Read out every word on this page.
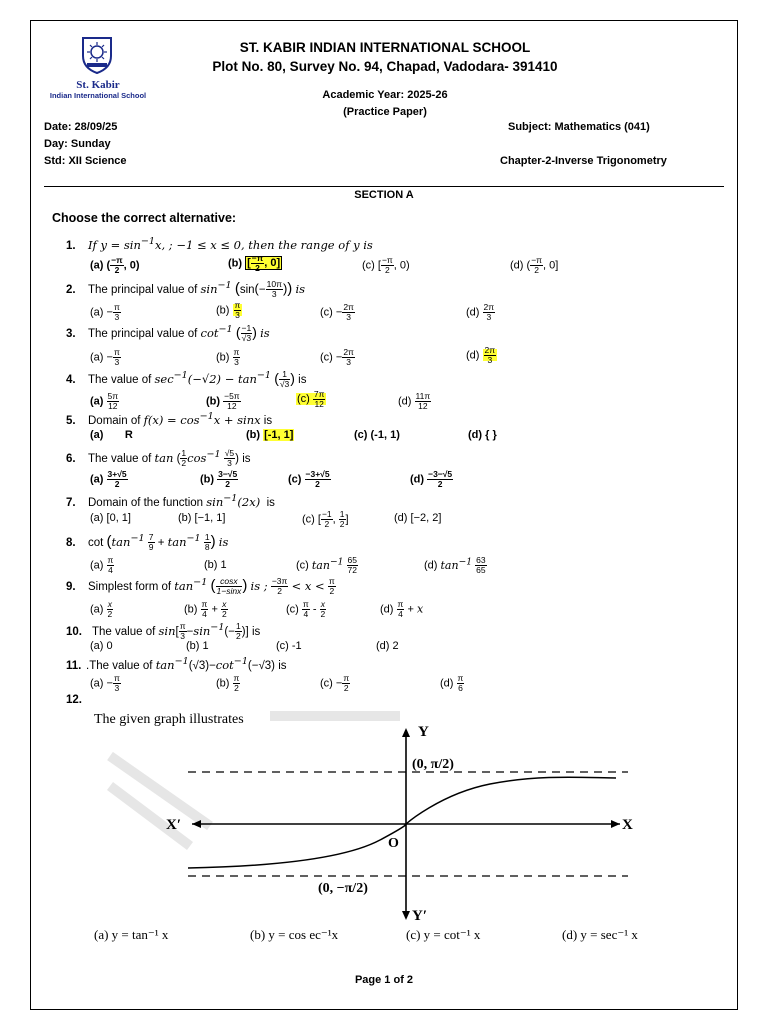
St. Kabir
Indian International School
ST. KABIR INDIAN INTERNATIONAL SCHOOL
Plot No. 80, Survey No. 94, Chapad, Vadodara- 391410
Academic Year: 2025-26
(Practice Paper)
Date: 28/09/25
Day: Sunday
Std: XII Science
Subject: Mathematics (041)
Chapter-2-Inverse Trigonometry
SECTION A
Choose the correct alternative:
1. If $y = \sin^{-1}x$, ; −1 ≤ x ≤ 0, then the range of y is
(a) ( $\frac{-\pi}{2}$ , 0)	(b) [ $\frac{-\pi}{2}$ , 0]	(c) [ $\frac{-\pi}{2}$ , 0)	(d) ( $\frac{-\pi}{2}$ , 0]
2. The principal value of $\sin^{-1} (\sin(- \frac{10\pi}{3}$ )) is
$(a) - \frac{\pi}{3}$	$(b) \frac{\pi}{3}$	$(c) - \frac{2\pi}{3}$	$(d) \frac{2\pi}{3}$
3. The principal value of $\cot^{-1}$ ( $\frac{-1}{√3}$ ) is
$(a) - \frac{\pi}{3}$	$(b) \frac{\pi}{3}$	$(c) - \frac{2\pi}{3}$	$(d) \frac{2\pi}{3}$
4. The value of $\sec^{-1}(-√2) - \tan^{-1}$ ( $\frac{1}{√3}$ ) is
$(a) \frac{5\pi}{12}$	$(b) \frac{-5\pi}{12}$	$(c) \frac{7\pi}{12}$	$(d) \frac{11\pi}{12}$
5. Domain of $f(x) = \cos^{-1}x + \sin x$ is
(a) R	(b) [-1, 1]	(c) (-1, 1)	(d) { }
6. The value of tan ( $\frac{1}{2} \cos^{-1} \frac{√5}{3}$ ) is
$(a) \frac{3+√5}{2}$	$(b) \frac{3-√5}{2}$	$(c) \frac{-3+√5}{2}$	$(d) \frac{-3-√5}{2}$
7. Domain of the function $\sin^{-1}(2x)$ is
(a) [0, 1]	(b) [−1, 1]	(c) [ $\frac{-1}{2}$ , $\frac{1}{2}$ ]	(d) [−2, 2]
8. $\cot (\tan^{-1} \frac{7}{9} + \tan^{-1} \frac{1}{8}$ ) is
$(a) \frac{\pi}{4}$	(b) 1	(c) $\tan^{-1} \frac{65}{72}$	(d) $\tan^{-1} \frac{63}{65}$
9. Simplest form of $\tan^{-1}$ ( $\frac{\cos x}{1-\sin x}$ ) is ; $\frac{-3\pi}{2} < x < \frac{\pi}{2}$
$(a) \frac{x}{2}$	$(b) \frac{\pi}{4} + \frac{x}{2}$	$(c) \frac{\pi}{4} - \frac{x}{2}$	$(d) \frac{\pi}{4} + x$
10. The value of $\sin[ \frac{\pi}{3} -\sin^{-1}(- \frac{1}{2}$ )] is
(a) 0	(b) 1	(c) -1	(d) 2
11. .The value of $\tan^{-1}(√3)-\cot^{-1}(-√3)$ is
$(a) - \frac{\pi}{3}$	$(b) \frac{\pi}{2}$	$(c) - \frac{\pi}{2}$	$(d) \frac{\pi}{6}$
12.
The given graph illustrates
Y
Y′
X
X′
O
(0, π/2)
(0, −π/2)
(a) y = tan⁻¹ x	(b) y = cos ec⁻¹x	(c) y = cot⁻¹ x	(d) y = sec⁻¹ x
Page 1 of 2
